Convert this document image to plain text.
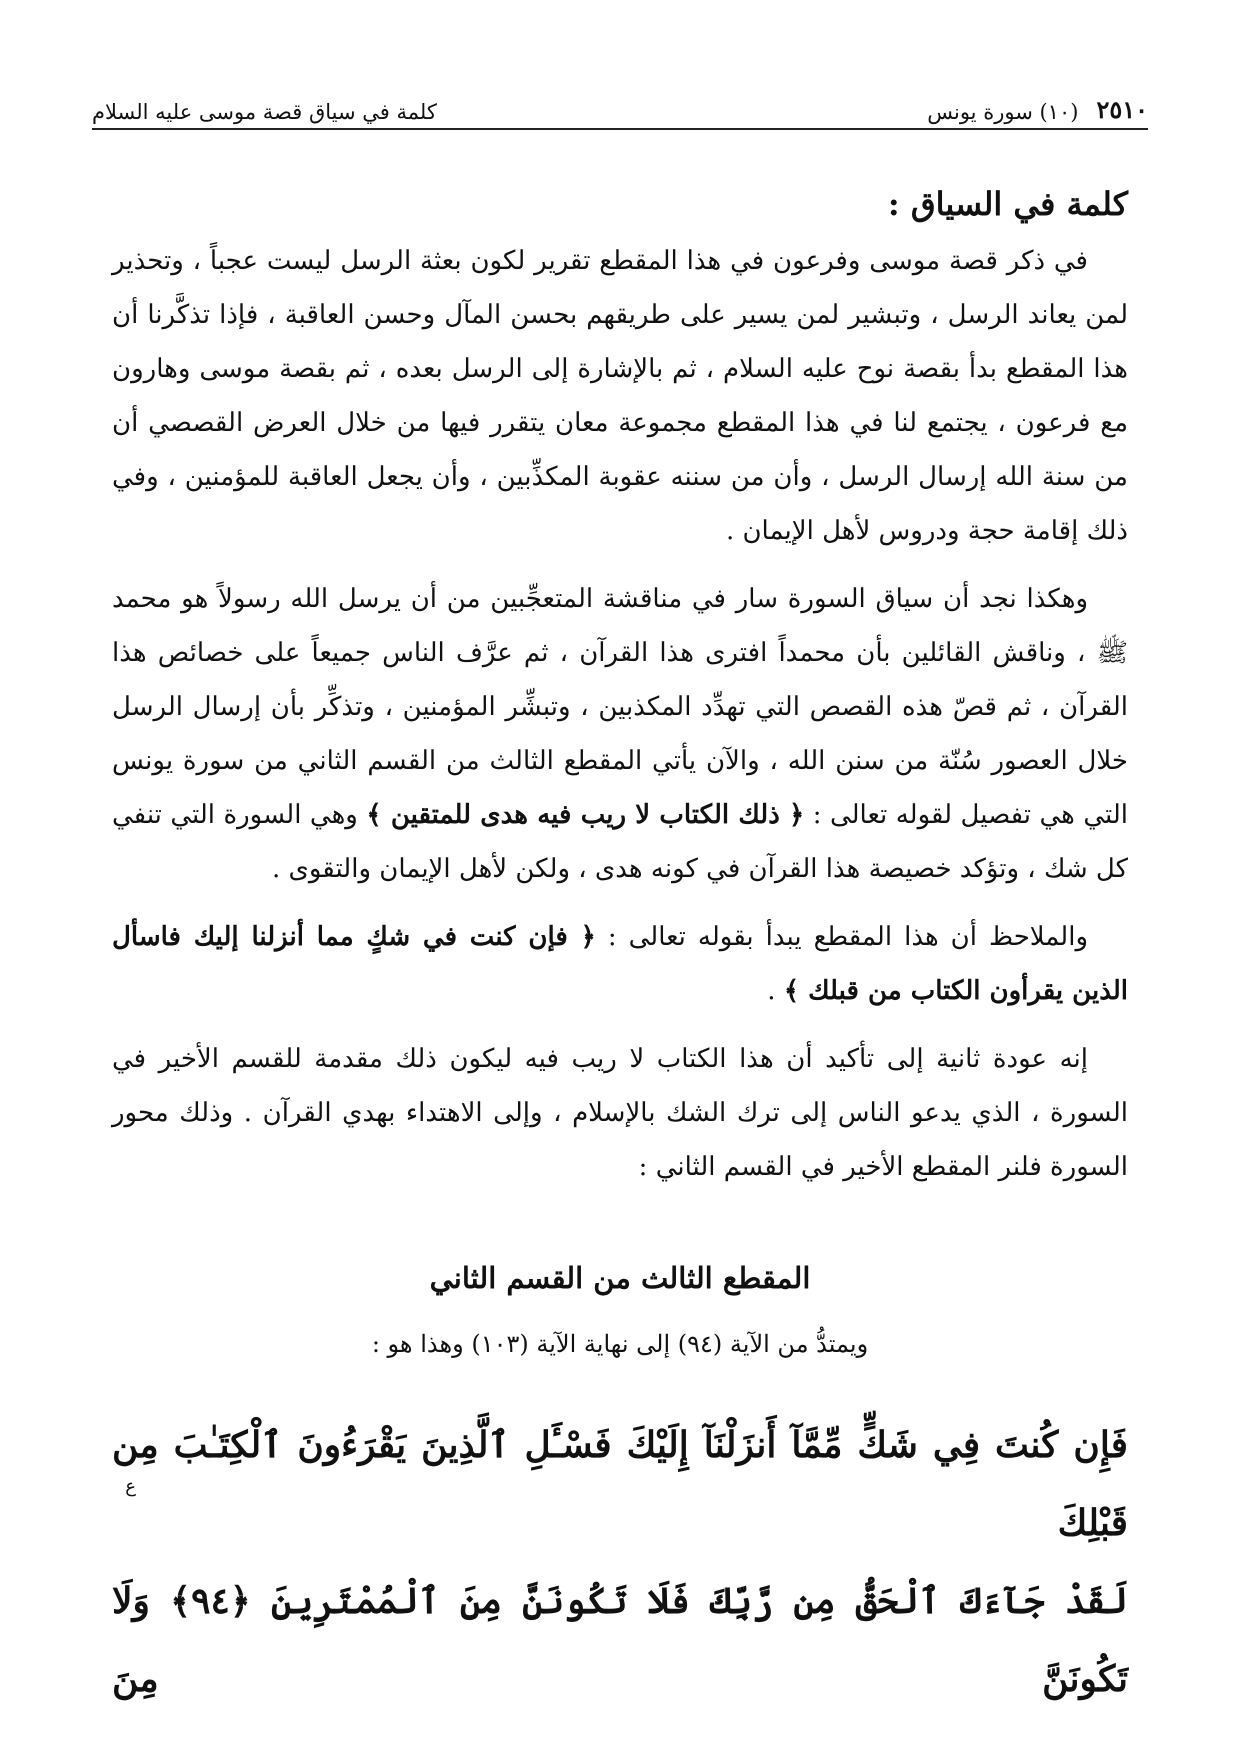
٢٥١٠
(١٠) سورة يونس
كلمة في سياق قصة موسى عليه السلام
كلمة في السياق :

في ذكر قصة موسى وفرعون في هذا المقطع تقرير لكون بعثة الرسل ليست عجباً ، وتحذير لمن يعاند الرسل ، وتبشير لمن يسير على طريقهم بحسن المآل وحسن العاقبة ، فإذا تذكَّرنا أن هذا المقطع بدأ بقصة نوح عليه السلام ، ثم بالإشارة إلى الرسل بعده ، ثم بقصة موسى وهارون مع فرعون ، يجتمع لنا في هذا المقطع مجموعة معان يتقرر فيها من خلال العرض القصصي أن من سنة الله إرسال الرسل ، وأن من سننه عقوبة المكذِّبين ، وأن يجعل العاقبة للمؤمنين ، وفي ذلك إقامة حجة ودروس لأهل الإيمان .

وهكذا نجد أن سياق السورة سار في مناقشة المتعجِّبين من أن يرسل الله رسولاً هو محمد ﷺ ، وناقش القائلين بأن محمداً افترى هذا القرآن ، ثم عرَّف الناس جميعاً على خصائص هذا القرآن ، ثم قصّ هذه القصص التي تهدِّد المكذبين ، وتبشِّر المؤمنين ، وتذكِّر بأن إرسال الرسل خلال العصور سُنّة من سنن الله ، والآن يأتي المقطع الثالث من القسم الثاني من سورة يونس التي هي تفصيل لقوله تعالى : ﴿ ذلك الكتاب لا ريب فيه هدى للمتقين ﴾ وهي السورة التي تنفي كل شك ، وتؤكد خصيصة هذا القرآن في كونه هدى ، ولكن لأهل الإيمان والتقوى .

والملاحظ أن هذا المقطع يبدأ بقوله تعالى : ﴿ فإن كنت في شكٍ مما أنزلنا إليك فاسأل الذين يقرأون الكتاب من قبلك ﴾ .

إنه عودة ثانية إلى تأكيد أن هذا الكتاب لا ريب فيه ليكون ذلك مقدمة للقسم الأخير في السورة ، الذي يدعو الناس إلى ترك الشك بالإسلام ، وإلى الاهتداء بهدي القرآن . وذلك محور السورة فلنر المقطع الأخير في القسم الثاني :

المقطع الثالث من القسم الثاني
ويمتدُّ من الآية (٩٤) إلى نهاية الآية (١٠٣) وهذا هو :
فَإِن كُنتَ فِي شَكٍّ مِّمَّآ أَنزَلْنَآ إِلَيْكَ فَسْـَٔلِ ٱلَّذِينَ يَقْرَءُونَ ٱلْكِتَـٰبَ مِن قَبْلِكَ
لَقَدْ جَآءَكَ ٱلْحَقُّ مِن رَّبِّكَ فَلَا تَكُونَنَّ مِنَ ٱلْمُمْتَرِينَ ﴿٩٤﴾ وَلَا تَكُونَنَّ مِنَ
ع
